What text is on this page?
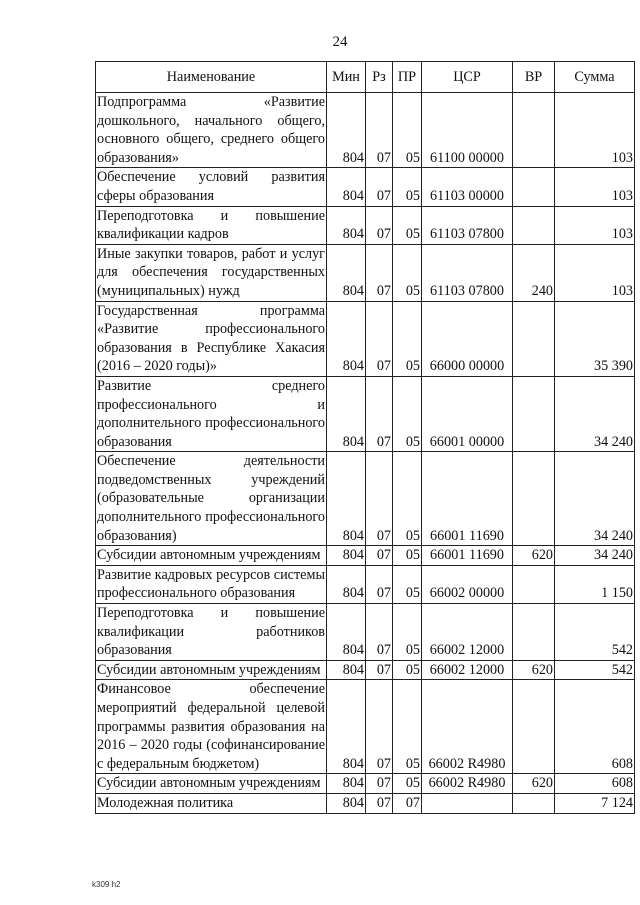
24
Наименование	Мин	Рз	ПР	ЦСР	ВР	Сумма
Подпрограмма «Развитие дошкольного, начального общего, основного общего, среднего общего образования»	804	07	05	61100 00000		103
Обеспечение условий развития сферы образования	804	07	05	61103 00000		103
Переподготовка и повышение квалификации кадров	804	07	05	61103 07800		103
Иные закупки товаров, работ и услуг для обеспечения государственных (муниципальных) нужд	804	07	05	61103 07800	240	103
Государственная программа «Развитие профессионального образования в Республике Хакасия (2016 – 2020 годы)»	804	07	05	66000 00000		35 390
Развитие среднего профессионального и дополнительного профессионального образования	804	07	05	66001 00000		34 240
Обеспечение деятельности подведомственных учреждений (образовательные организации дополнительного профессионального образования)	804	07	05	66001 11690		34 240
Субсидии автономным учреждениям	804	07	05	66001 11690	620	34 240
Развитие кадровых ресурсов системы профессионального образования	804	07	05	66002 00000		1 150
Переподготовка и повышение квалификации работников образования	804	07	05	66002 12000		542
Субсидии автономным учреждениям	804	07	05	66002 12000	620	542
Финансовое обеспечение мероприятий федеральной целевой программы развития образования на 2016 – 2020 годы (софинансирование с федеральным бюджетом)	804	07	05	66002 R4980		608
Субсидии автономным учреждениям	804	07	05	66002 R4980	620	608
Молодежная политика	804	07	07			7 124
k309 h2
